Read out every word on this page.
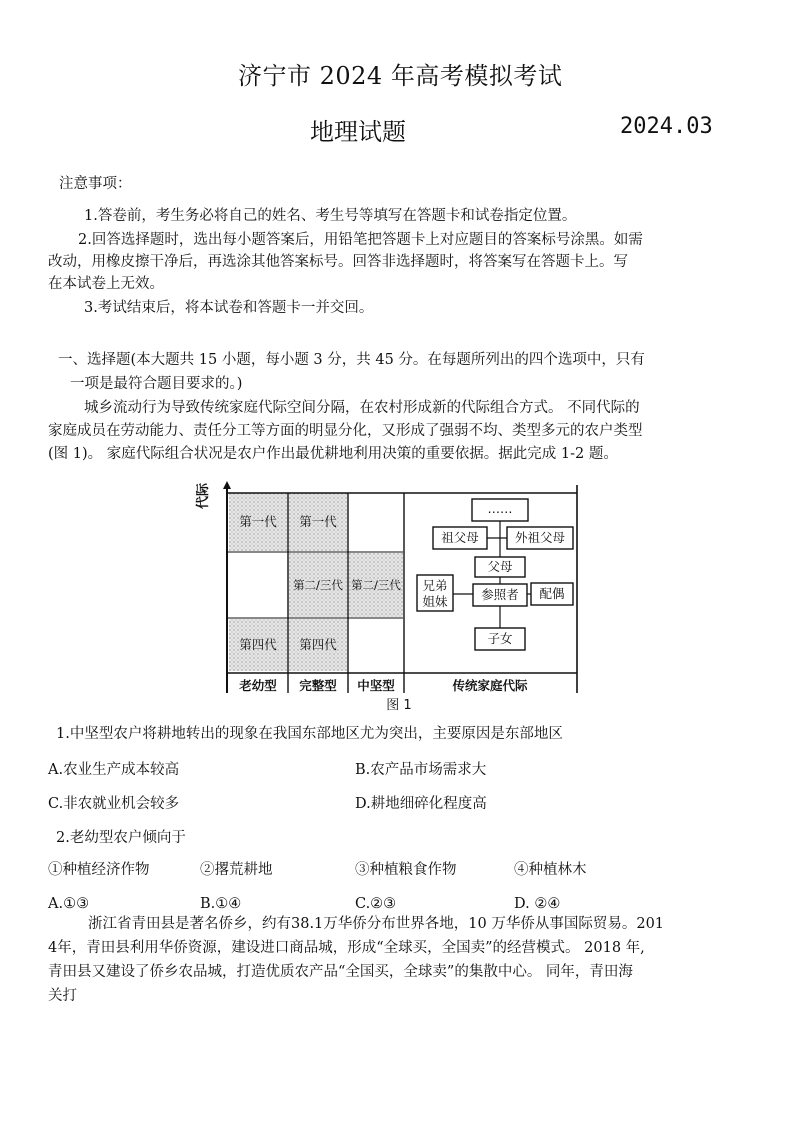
济宁市 2024 年高考模拟考试
地理试题	2024.03
注意事项：
1.答卷前，考生务必将自己的姓名、考生号等填写在答题卡和试卷指定位置。
2.回答选择题时，选出每小题答案后，用铅笔把答题卡上对应题目的答案标号涂黑。如需
改动，用橡皮擦干净后，再选涂其他答案标号。回答非选择题时，将答案写在答题卡上。写
在本试卷上无效。
3.考试结束后，将本试卷和答题卡一并交回。
一、选择题(本大题共 15 小题，每小题 3 分，共 45 分。在每题所列出的四个选项中，只有
一项是最符合题目要求的。)
城乡流动行为导致传统家庭代际空间分隔，在农村形成新的代际组合方式。 不同代际的
家庭成员在劳动能力、责任分工等方面的明显分化，又形成了强弱不均、类型多元的农户类型
(图 1)。 家庭代际组合状况是农户作出最优耕地利用决策的重要依据。据此完成 1-2 题。
代际
第一代 第一代
第二/三代 第二/三代
第四代 第四代
老幼型 完整型 中坚型	传统家庭代际
……
祖父母	外祖父母
父母
兄弟
姐妹	参照者 配偶
子女
图 1
1.中坚型农户将耕地转出的现象在我国东部地区尤为突出，主要原因是东部地区
A.农业生产成本较高	B.农产品市场需求大
C.非农就业机会较多	D.耕地细碎化程度高
2.老幼型农户倾向于
①种植经济作物	②撂荒耕地	③种植粮食作物	④种植林木
A.①③	B.①④	C.②③	D. ②④
浙江省青田县是著名侨乡，约有38.1万华侨分布世界各地，10 万华侨从事国际贸易。201
4年，青田县利用华侨资源，建设进口商品城，形成“全球买，全国卖”的经营模式。 2018 年,
青田县又建设了侨乡农品城，打造优质农产品“全国买，全球卖”的集散中心。 同年，青田海
关打
